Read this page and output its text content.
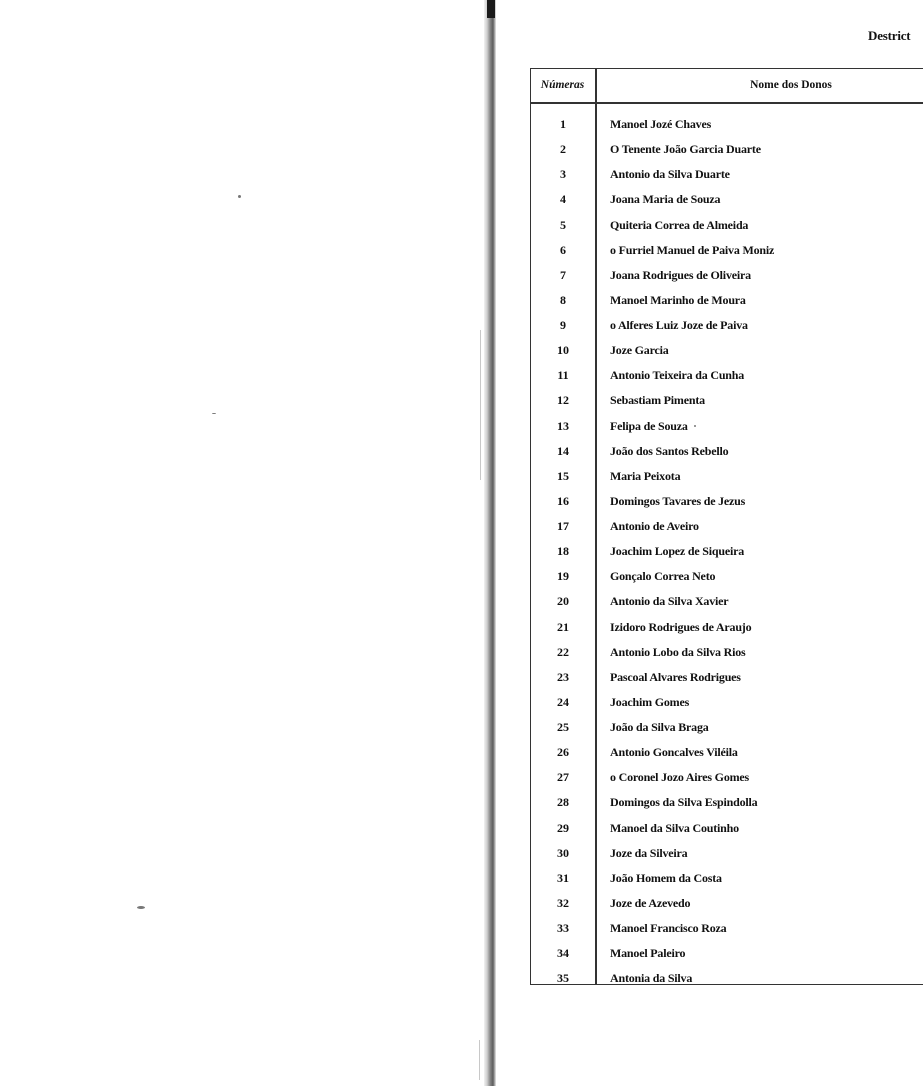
Destrict
Númeras	Nome dos Donos
1	Manoel Jozé Chaves
2	O Tenente João Garcia Duarte
3	Antonio da Silva Duarte
4	Joana Maria de Souza
5	Quiteria Correa de Almeida
6	o Furriel Manuel de Paiva Moniz
7	Joana Rodrigues de Oliveira
8	Manoel Marinho de Moura
9	o Alferes Luiz Joze de Paiva
10	Joze Garcia
11	Antonio Teixeira da Cunha
12	Sebastiam Pimenta
13	Felipa de Souza
14	João dos Santos Rebello
15	Maria Peixota
16	Domingos Tavares de Jezus
17	Antonio de Aveiro
18	Joachim Lopez de Siqueira
19	Gonçalo Correa Neto
20	Antonio da Silva Xavier
21	Izidoro Rodrigues de Araujo
22	Antonio Lobo da Silva Rios
23	Pascoal Alvares Rodrigues
24	Joachim Gomes
25	João da Silva Braga
26	Antonio Goncalves Viléila
27	o Coronel Jozo Aires Gomes
28	Domingos da Silva Espindolla
29	Manoel da Silva Coutinho
30	Joze da Silveira
31	João Homem da Costa
32	Joze de Azevedo
33	Manoel Francisco Roza
34	Manoel Paleiro
35	Antonia da Silva
